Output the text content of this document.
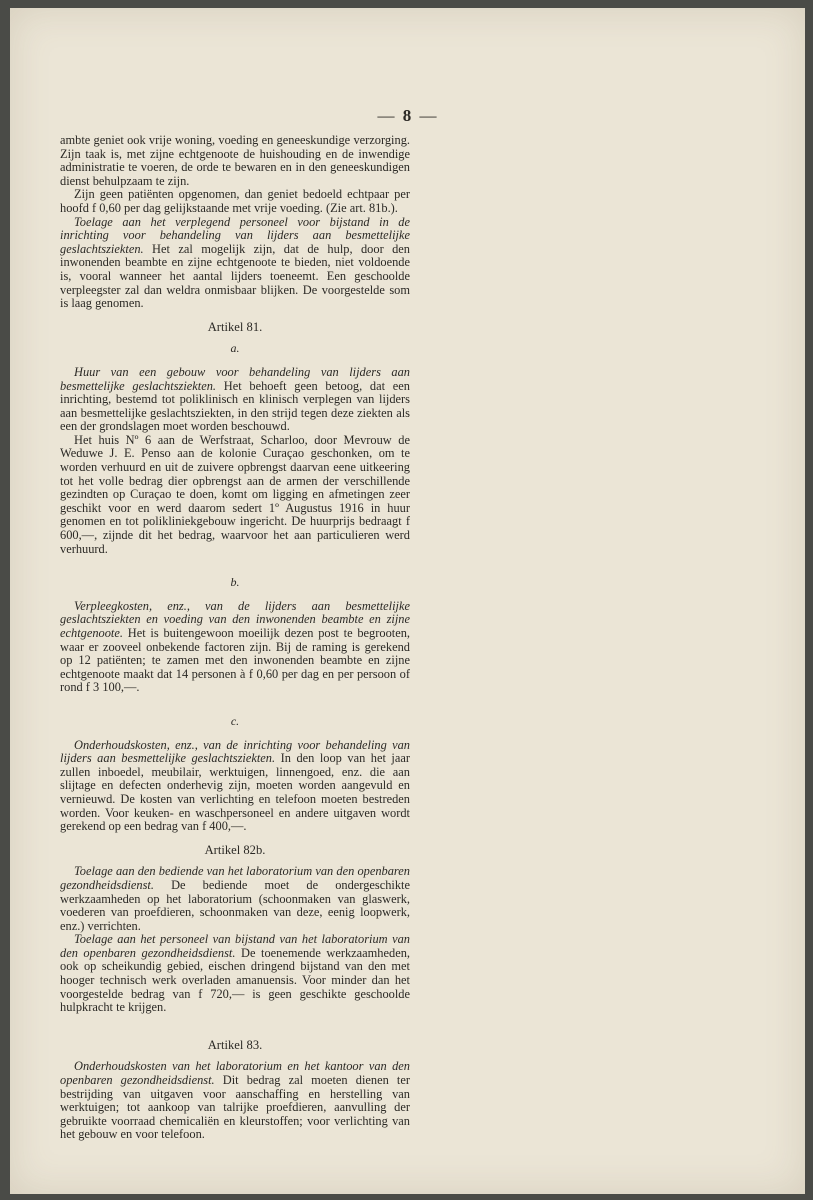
— 8 —

ambte geniet ook vrije woning, voeding en geneeskundige verzorging. Zijn taak is, met zijne echtgenoote de huishouding en de inwendige administratie te voeren, de orde te bewaren en in den geneeskundigen dienst behulpzaam te zijn.

Zijn geen patiënten opgenomen, dan geniet bedoeld echtpaar per hoofd f 0,60 per dag gelijkstaande met vrije voeding. (Zie art. 81b.).

Toelage aan het verplegend personeel voor bijstand in de inrichting voor behandeling van lijders aan besmettelijke geslachtsziekten. Het zal mogelijk zijn, dat de hulp, door den inwonenden beambte en zijne echtgenoote te bieden, niet voldoende is, vooral wanneer het aantal lijders toeneemt. Een geschoolde verpleegster zal dan weldra onmisbaar blijken. De voorgestelde som is laag genomen.

Artikel 81.
a.

Huur van een gebouw voor behandeling van lijders aan besmettelijke geslachtsziekten. Het behoeft geen betoog, dat een inrichting, bestemd tot poliklinisch en klinisch verplegen van lijders aan besmettelijke geslachtsziekten, in den strijd tegen deze ziekten als een der grondslagen moet worden beschouwd.

Het huis Nº 6 aan de Werfstraat, Scharloo, door Mevrouw de Weduwe J. E. Penso aan de kolonie Curaçao geschonken, om te worden verhuurd en uit de zuivere opbrengst daarvan eene uitkeering tot het volle bedrag dier opbrengst aan de armen der verschillende gezindten op Curaçao te doen, komt om ligging en afmetingen zeer geschikt voor en werd daarom sedert 1º Augustus 1916 in huur genomen en tot polikliniekgebouw ingericht. De huurprijs bedraagt f 600,—, zijnde dit het bedrag, waarvoor het aan particulieren werd verhuurd.

b.

Verpleegkosten, enz., van de lijders aan besmettelijke geslachtsziekten en voeding van den inwonenden beambte en zijne echtgenoote. Het is buitengewoon moeilijk dezen post te begrooten, waar er zooveel onbekende factoren zijn. Bij de raming is gerekend op 12 patiënten; te zamen met den inwonenden beambte en zijne echtgenoote maakt dat 14 personen à f 0,60 per dag en per persoon of rond f 3 100,—.

c.

Onderhoudskosten, enz., van de inrichting voor behandeling van lijders aan besmettelijke geslachtsziekten. In den loop van het jaar zullen inboedel, meubilair, werktuigen, linnengoed, enz. die aan slijtage en defecten onderhevig zijn, moeten worden aangevuld en vernieuwd. De kosten van verlichting en telefoon moeten bestreden worden. Voor keuken- en waschpersoneel en andere uitgaven wordt gerekend op een bedrag van f 400,—.

Artikel 82b.

Toelage aan den bediende van het laboratorium van den openbaren gezondheidsdienst. De bediende moet de ondergeschikte werkzaamheden op het laboratorium (schoonmaken van glaswerk, voederen van proefdieren, schoonmaken van deze, eenig loopwerk, enz.) verrichten.

Toelage aan het personeel van bijstand van het laboratorium van den openbaren gezondheidsdienst. De toenemende werkzaamheden, ook op scheikundig gebied, eischen dringend bijstand van den met hooger technisch werk overladen amanuensis. Voor minder dan het voorgestelde bedrag van f 720,— is geen geschikte geschoolde hulpkracht te krijgen.

Artikel 83.

Onderhoudskosten van het laboratorium en het kantoor van den openbaren gezondheidsdienst. Dit bedrag zal moeten dienen ter bestrijding van uitgaven voor aanschaffing en herstelling van werktuigen; tot aankoop van talrijke proefdieren, aanvulling der gebruikte voorraad chemicaliën en kleurstoffen; voor verlichting van het gebouw en voor telefoon.
